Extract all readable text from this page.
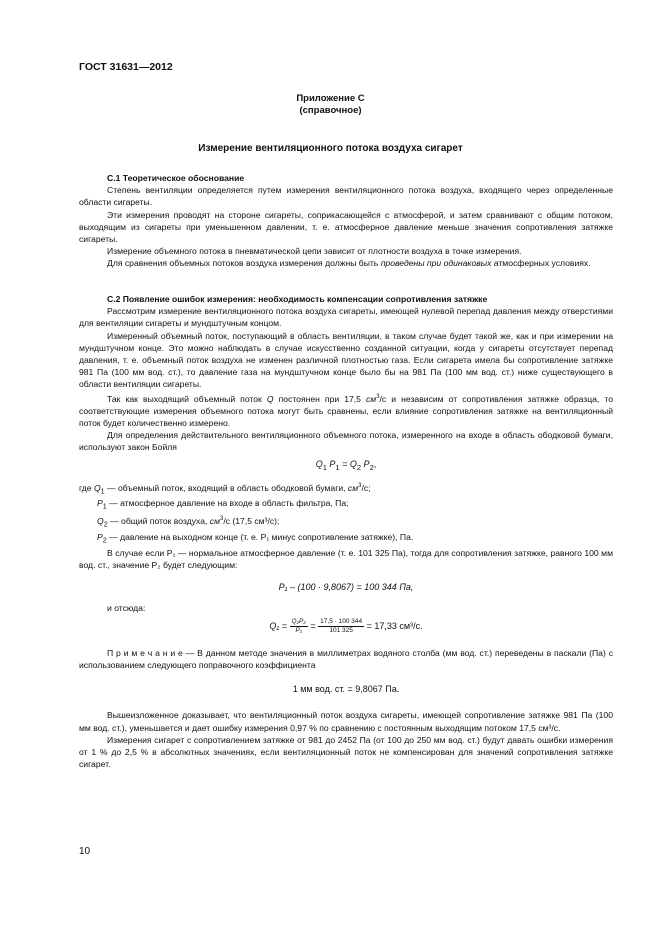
ГОСТ 31631—2012
Приложение С
(справочное)
Измерение вентиляционного потока воздуха сигарет
С.1 Теоретическое обоснование

Степень вентиляции определяется путем измерения вентиляционного потока воздуха, входящего через определенные области сигареты.

Эти измерения проводят на стороне сигареты, соприкасающейся с атмосферой, и затем сравнивают с общим потоком, выходящим из сигареты при уменьшенном давлении, т. е. атмосферное давление меньше значения сопротивления затяжке сигареты.

Измерение объемного потока в пневматической цепи зависит от плотности воздуха в точке измерения.

Для сравнения объемных потоков воздуха измерения должны быть проведены при одинаковых атмосферных условиях.

С.2 Появление ошибок измерения: необходимость компенсации сопротивления затяжке

Рассмотрим измерение вентиляционного потока воздуха сигареты, имеющей нулевой перепад давления между отверстиями для вентиляции сигареты и мундштучным концом.

Измеренный объемный поток, поступающий в область вентиляции, в таком случае будет такой же, как и при измерении на мундштучном конце. Это можно наблюдать в случае искусственно созданной ситуации, когда у сигареты отсутствует перепад давления, т. е. объемный поток воздуха не изменен различной плотностью газа. Если сигарета имела бы сопротивление затяжке 981 Па (100 мм вод. ст.), то давление газа на мундштучном конце было бы на 981 Па (100 мм вод. ст.) ниже существующего в области вентиляции сигареты.

Так как выходящий объемный поток Q постоянен при 17,5 $см^3/с$ и независим от сопротивления затяжке образца, то соответствующие измерения объемного потока могут быть сравнены, если влияние сопротивления затяжке на вентиляционный поток будет количественно измерено.

Для определения действительного вентиляционного объемного потока, измеренного на входе в область ободковой бумаги, используют закон Бойля

$Q_1$ $P_1 = Q_2$ $P_2$,

где $Q_1$ — объемный поток, входящий в область ободковой бумаги, $см^3/с$;

$P_1$ — атмосферное давление на входе в область фильтра, Па;

$Q_2$ — общий поток воздуха, $см^3/с$ (17,5 см³/с);

$P_2$ — давление на выходном конце (т. е. P₁ минус сопротивление затяжке), Па.

В случае если P₁ — нормальное атмосферное давление (т. е. 101 325 Па), тогда для сопротивления затяжке, равного 100 мм вод. ст., значение P₂ будет следующим:

P₁ – (100 · 9,8067) = 100 344 Па,

и отсюда:

$Q_1 = \frac{\text{Q₂P₂}}{\text{P₁}} = \frac{17,5 \cdot 100 344}{101 325} = 17,33$ см³/с.

П р и м е ч а н и е — В данном методе значения в миллиметрах водяного столба (мм вод. ст.) переведены в паскали (Па) с использованием следующего поправочного коэффициента

1 мм вод. ст. = 9,8067 Па.

Вышеизложенное доказывает, что вентиляционный поток воздуха сигареты, имеющей сопротивление затяжке 981 Па (100 мм вод. ст.), уменьшается и дает ошибку измерения 0,97 % по сравнению с постоянным выходящим потоком 17,5 см³/с.

Измерения сигарет с сопротивлением затяжке от 981 до 2452 Па (от 100 до 250 мм вод. ст.) будут давать ошибки измерения от 1 % до 2,5 % в абсолютных значениях, если вентиляционный поток не компенсирован для значений сопротивления затяжке сигарет.

10
